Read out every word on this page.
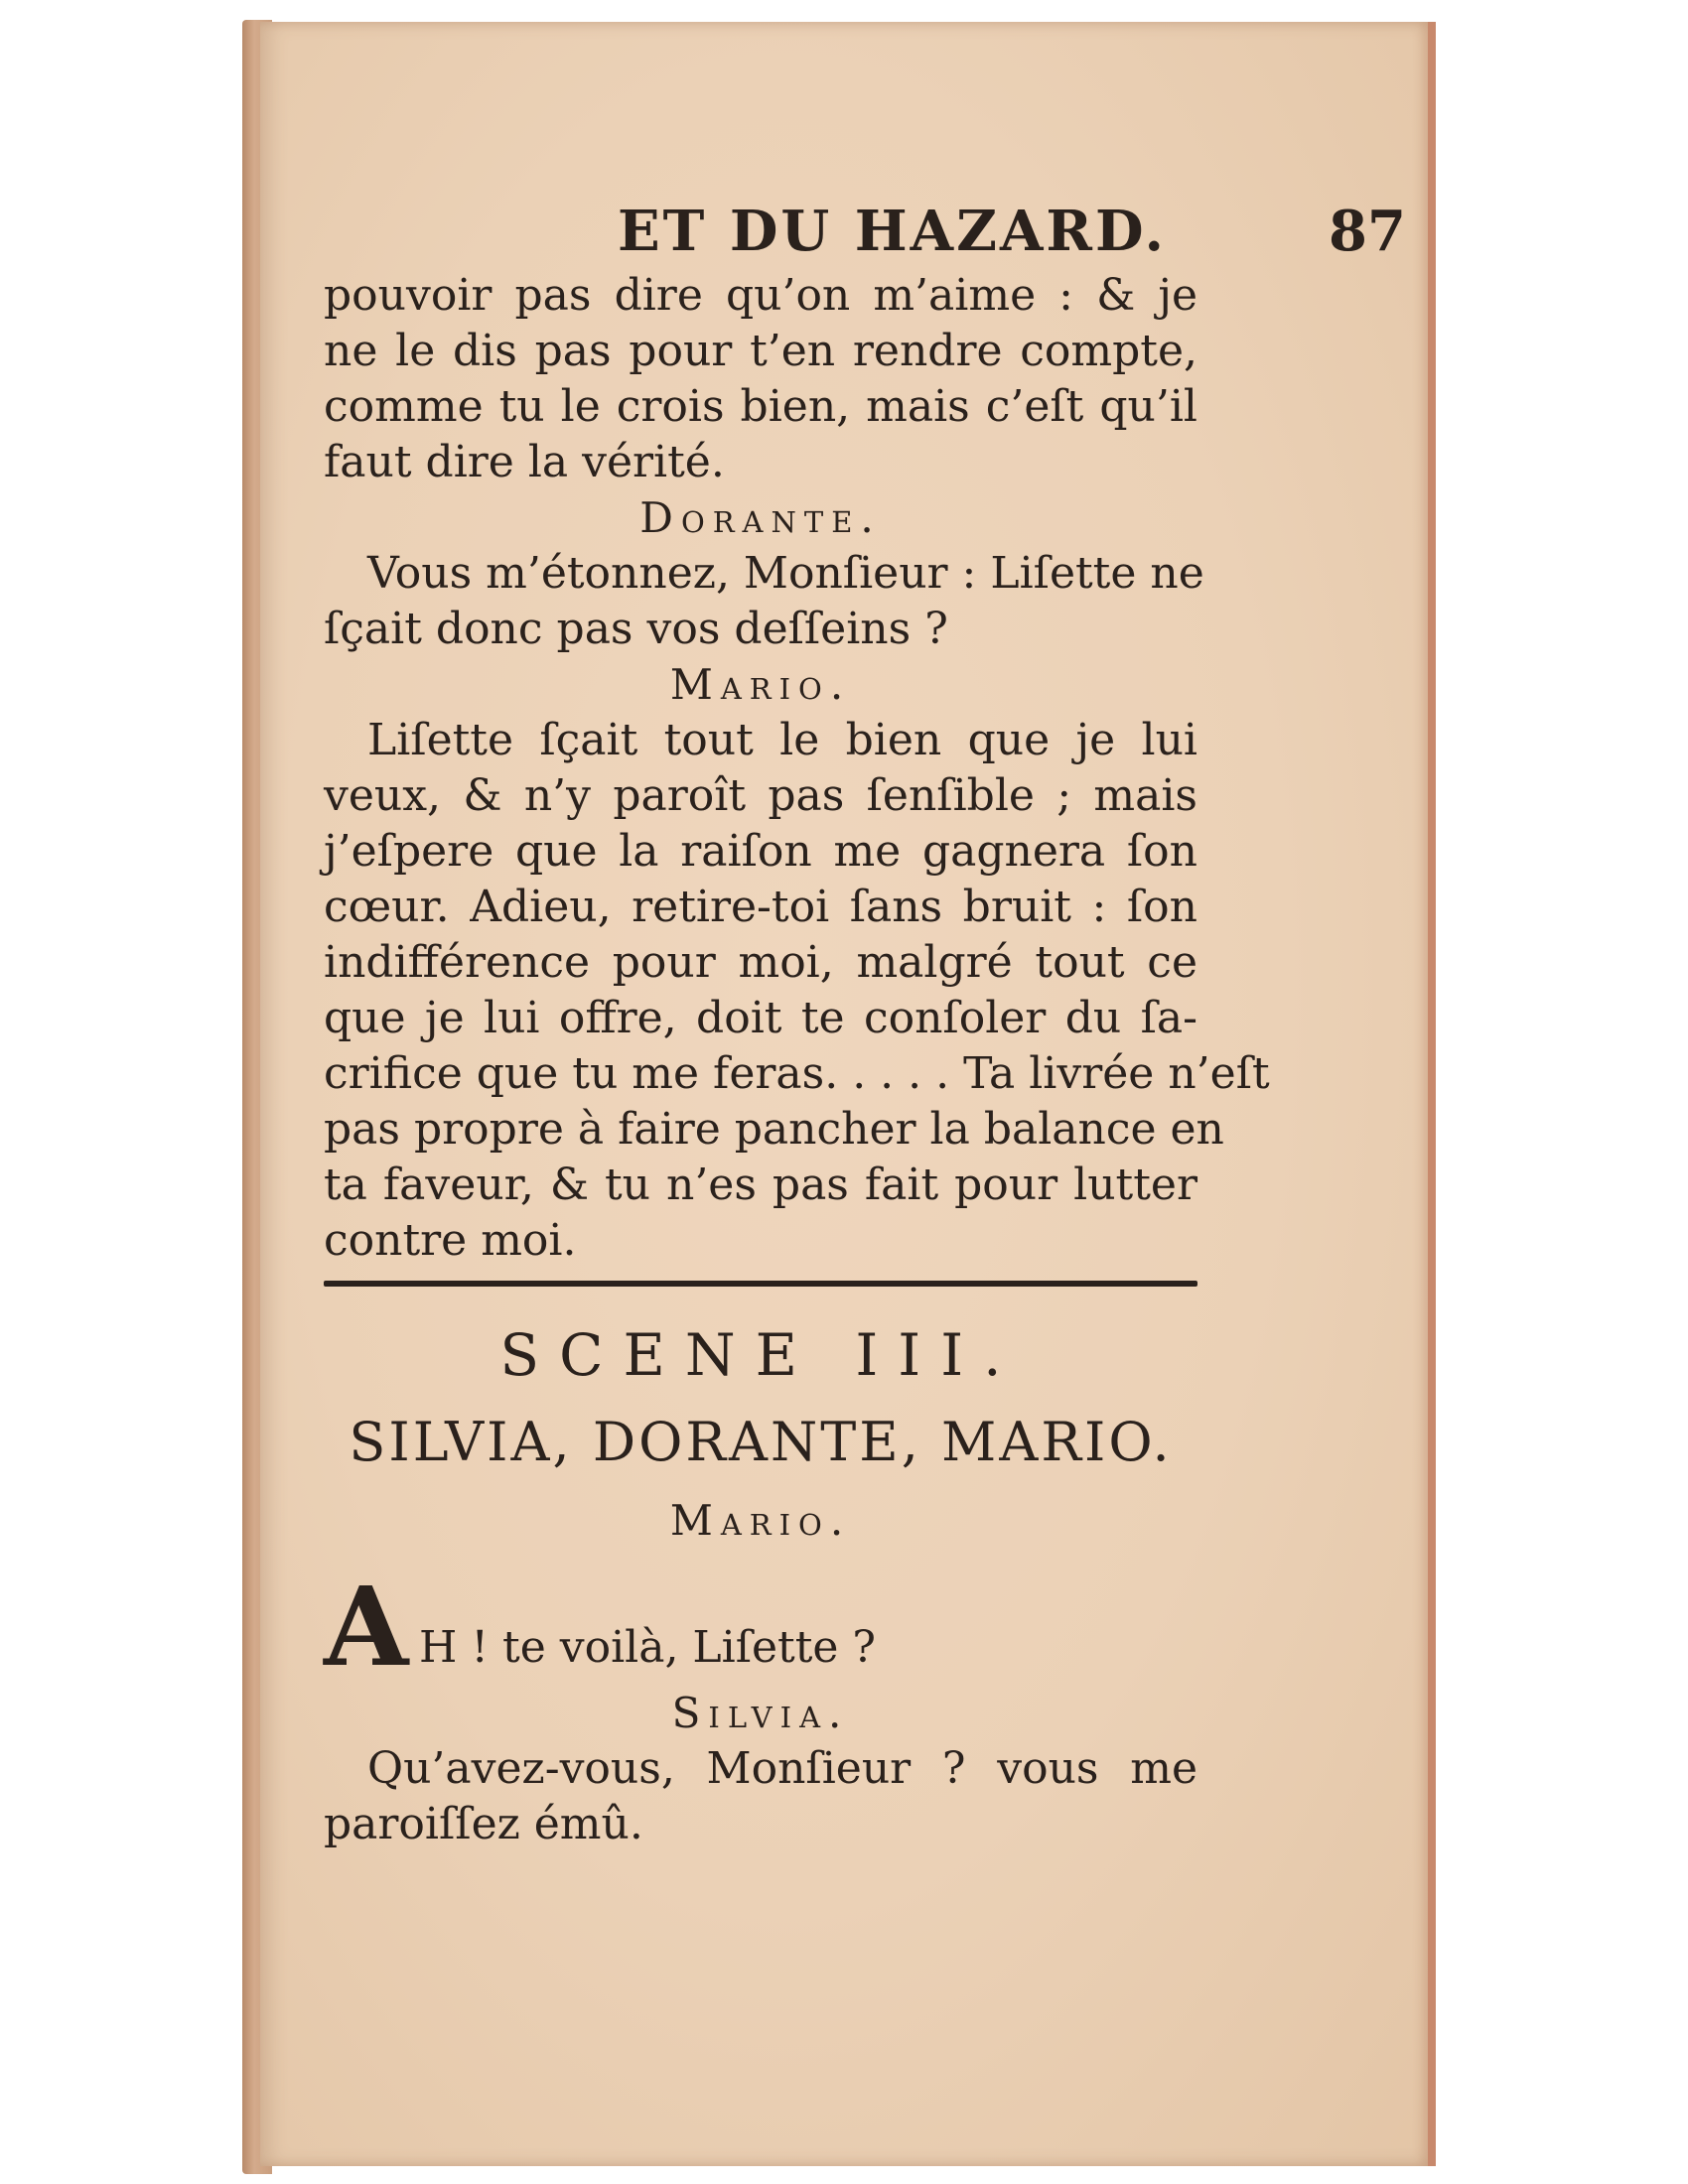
ET DU HAZARD.	87
pouvoir pas dire qu’on m’aime : & je
ne le dis pas pour t’en rendre compte,
comme tu le crois bien, mais c’eſt qu’il
faut dire la vérité.
Dorante.
Vous m’étonnez, Monſieur : Liſette ne
ſçait donc pas vos deſſeins ?
Mario.
Liſette ſçait tout le bien que je lui
veux, & n’y paroît pas ſenſible ; mais
j’eſpere que la raiſon me gagnera ſon
cœur. Adieu, retire-toi ſans bruit : ſon
indifférence pour moi, malgré tout ce
que je lui offre, doit te conſoler du ſa-
crifice que tu me feras. . . . . Ta livrée n’eſt
pas propre à faire pancher la balance en
ta faveur, & tu n’es pas fait pour lutter
contre moi.
SCENE III.
SILVIA, DORANTE, MARIO.
Mario.
A H ! te voilà, Liſette ?
Silvia.
Qu’avez-vous, Monſieur ? vous me
paroiſſez émû.
